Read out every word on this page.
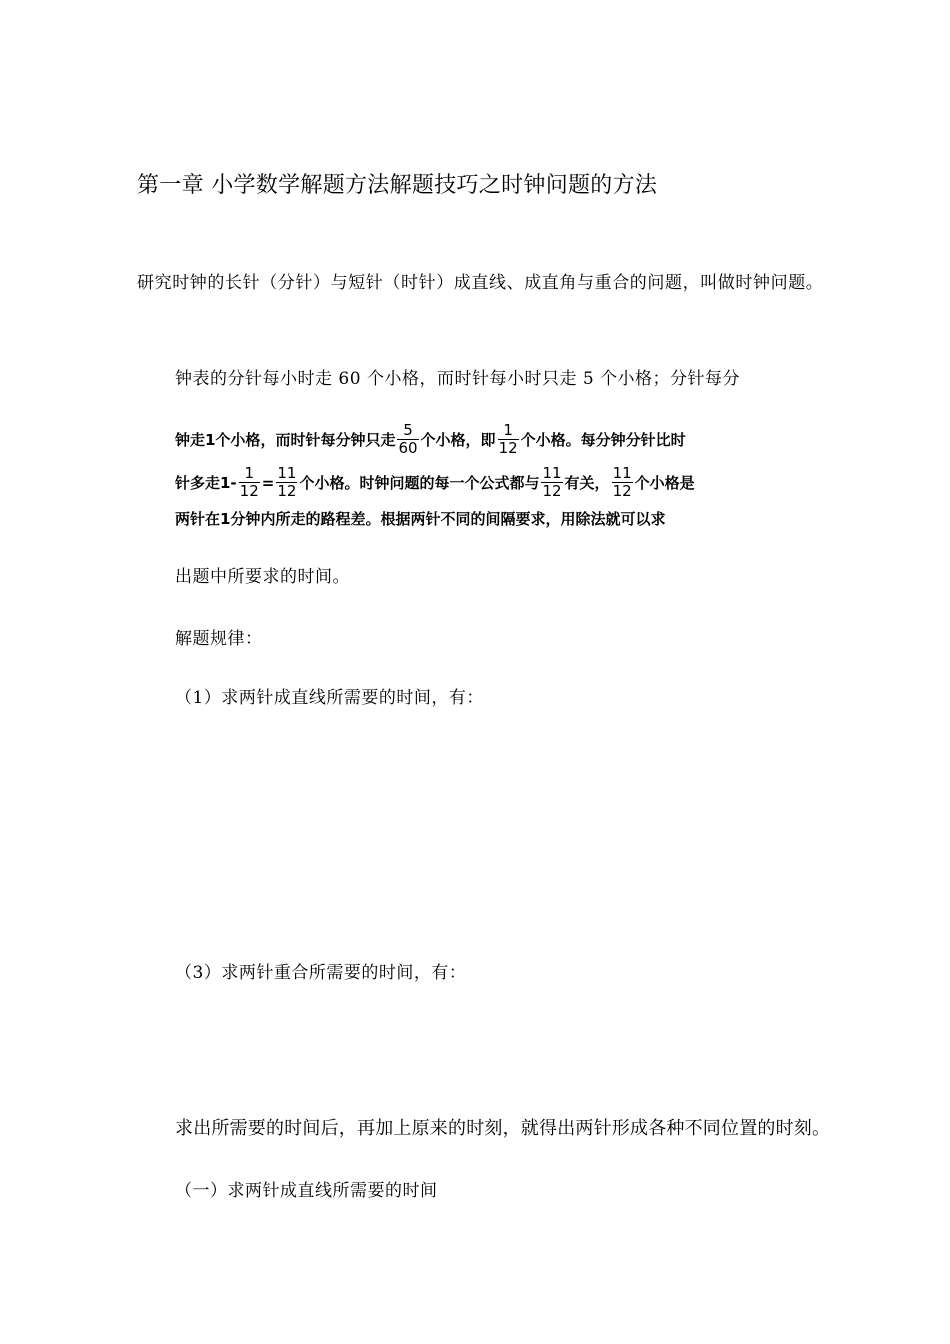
第一章 小学数学解题方法解题技巧之时钟问题的方法
研究时钟的长针（分针）与短针（时针）成直线、成直角与重合的问题，叫做时钟问题。
钟表的分针每小时走 60 个小格，而时针每小时只走 5 个小格；分针每分
钟走1个小格，而时针每分钟只走 $\frac{5}{60}$ 个小格，即 $\frac{1}{12}$ 个小格。每分钟分针比时
针多走$1- \frac{1}{12} = \frac{11}{12}$ 个小格。时钟问题的每一个公式都与 $\frac{11}{12}$ 有关， $\frac{11}{12}$ 个小格是
两针在1分钟内所走的路程差。根据两针不同的间隔要求，用除法就可以求
出题中所要求的时间。
解题规律：
（1）求两针成直线所需要的时间，有：
（3）求两针重合所需要的时间，有：
求出所需要的时间后，再加上原来的时刻，就得出两针形成各种不同位置的时刻。
（一）求两针成直线所需要的时间
